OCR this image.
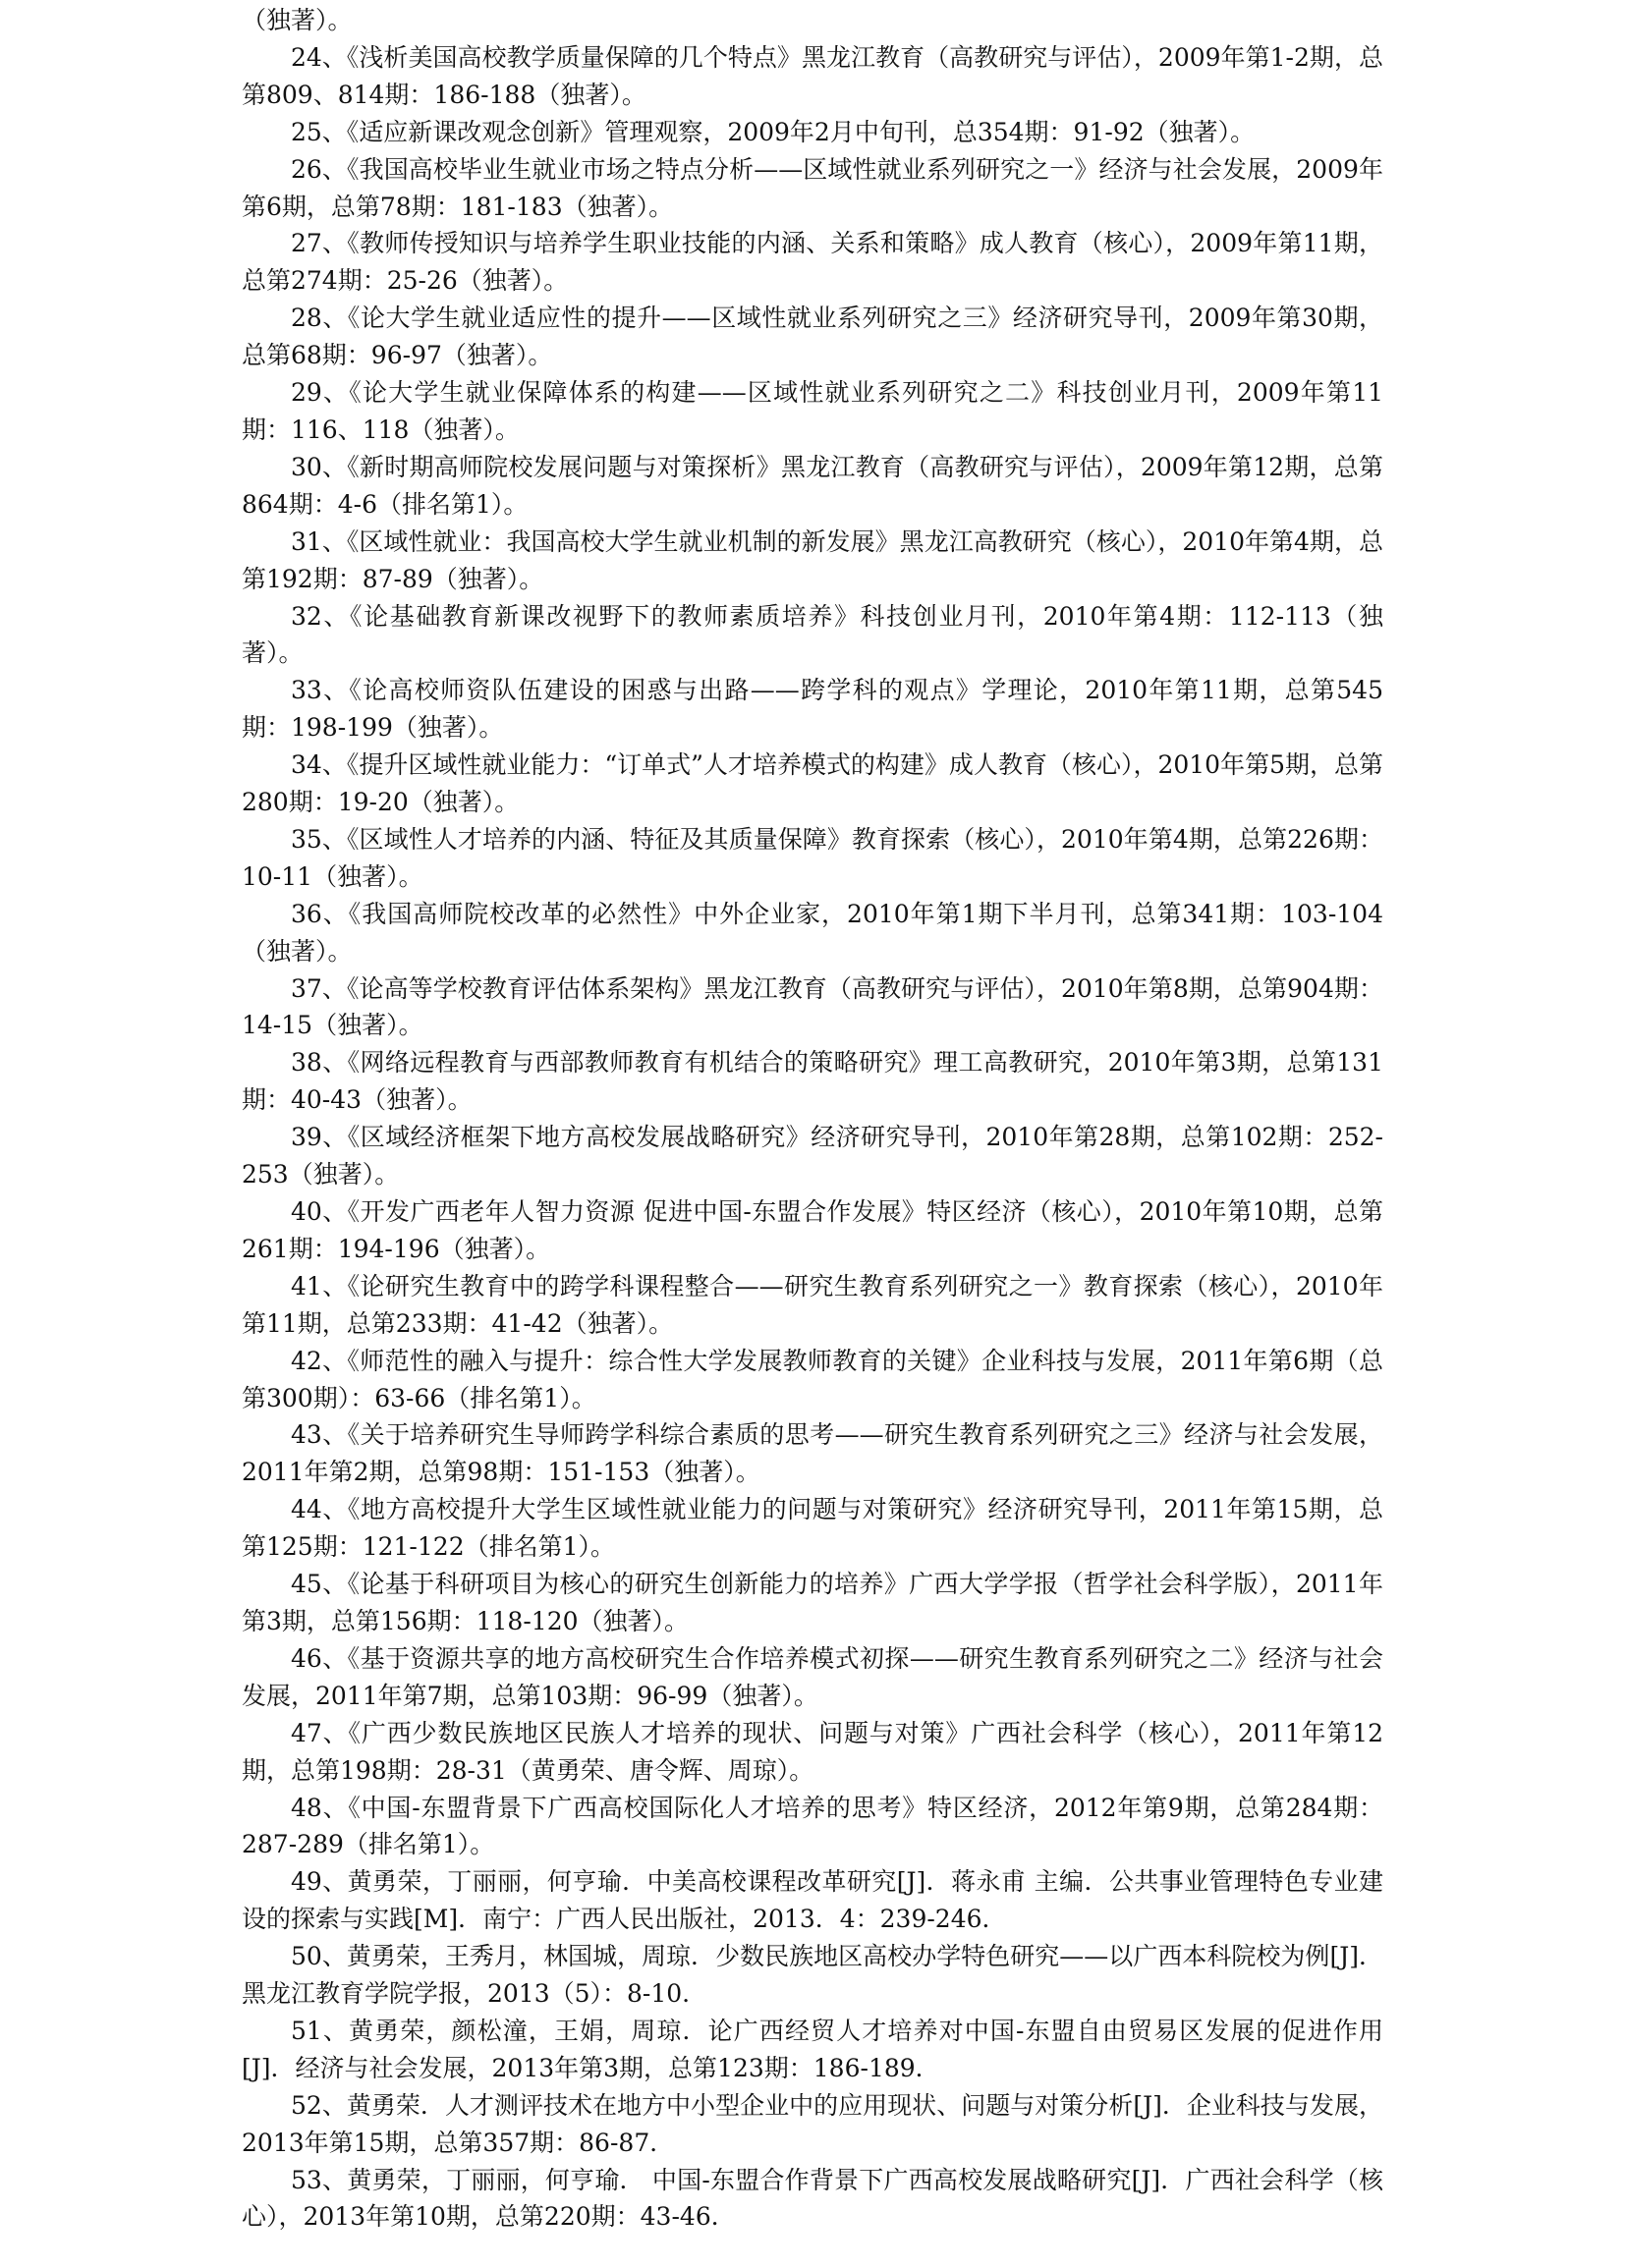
（独著）。

24、《浅析美国高校教学质量保障的几个特点》黑龙江教育（高教研究与评估），2009年第1-2期，总第809、814期：186-188（独著）。

25、《适应新课改观念创新》管理观察，2009年2月中旬刊，总354期：91-92（独著）。

26、《我国高校毕业生就业市场之特点分析——区域性就业系列研究之一》经济与社会发展，2009年第6期，总第78期：181-183（独著）。

27、《教师传授知识与培养学生职业技能的内涵、关系和策略》成人教育（核心），2009年第11期，总第274期：25-26（独著）。

28、《论大学生就业适应性的提升——区域性就业系列研究之三》经济研究导刊，2009年第30期，总第68期：96-97（独著）。

29、《论大学生就业保障体系的构建——区域性就业系列研究之二》科技创业月刊，2009年第11期：116、118（独著）。

30、《新时期高师院校发展问题与对策探析》黑龙江教育（高教研究与评估），2009年第12期，总第864期：4-6（排名第1）。

31、《区域性就业：我国高校大学生就业机制的新发展》黑龙江高教研究（核心），2010年第4期，总第192期：87-89（独著）。

32、《论基础教育新课改视野下的教师素质培养》科技创业月刊，2010年第4期：112-113（独著）。

33、《论高校师资队伍建设的困惑与出路——跨学科的观点》学理论，2010年第11期，总第545期：198-199（独著）。

34、《提升区域性就业能力：“订单式”人才培养模式的构建》成人教育（核心），2010年第5期，总第280期：19-20（独著）。

35、《区域性人才培养的内涵、特征及其质量保障》教育探索（核心），2010年第4期，总第226期：10-11（独著）。

36、《我国高师院校改革的必然性》中外企业家，2010年第1期下半月刊，总第341期：103-104（独著）。

37、《论高等学校教育评估体系架构》黑龙江教育（高教研究与评估），2010年第8期，总第904期：14-15（独著）。

38、《网络远程教育与西部教师教育有机结合的策略研究》理工高教研究，2010年第3期，总第131期：40-43（独著）。

39、《区域经济框架下地方高校发展战略研究》经济研究导刊，2010年第28期，总第102期：252-253（独著）。

40、《开发广西老年人智力资源 促进中国-东盟合作发展》特区经济（核心），2010年第10期，总第261期：194-196（独著）。

41、《论研究生教育中的跨学科课程整合——研究生教育系列研究之一》教育探索（核心），2010年第11期，总第233期：41-42（独著）。

42、《师范性的融入与提升：综合性大学发展教师教育的关键》企业科技与发展，2011年第6期（总第300期）：63-66（排名第1）。

43、《关于培养研究生导师跨学科综合素质的思考——研究生教育系列研究之三》经济与社会发展，2011年第2期，总第98期：151-153（独著）。

44、《地方高校提升大学生区域性就业能力的问题与对策研究》经济研究导刊，2011年第15期，总第125期：121-122（排名第1）。

45、《论基于科研项目为核心的研究生创新能力的培养》广西大学学报（哲学社会科学版），2011年第3期，总第156期：118-120（独著）。

46、《基于资源共享的地方高校研究生合作培养模式初探——研究生教育系列研究之二》经济与社会发展，2011年第7期，总第103期：96-99（独著）。

47、《广西少数民族地区民族人才培养的现状、问题与对策》广西社会科学（核心），2011年第12期，总第198期：28-31（黄勇荣、唐令辉、周琼）。

48、《中国-东盟背景下广西高校国际化人才培养的思考》特区经济，2012年第9期，总第284期：287-289（排名第1）。

49、黄勇荣，丁丽丽，何亨瑜．中美高校课程改革研究[J]．蒋永甫 主编．公共事业管理特色专业建设的探索与实践[M]．南宁：广西人民出版社，2013．4：239-246．

50、黄勇荣，王秀月，林国城，周琼．少数民族地区高校办学特色研究——以广西本科院校为例[J]．黑龙江教育学院学报，2013（5）：8-10．

51、黄勇荣，颜松潼，王娟，周琼．论广西经贸人才培养对中国-东盟自由贸易区发展的促进作用[J]．经济与社会发展，2013年第3期，总第123期：186-189．

52、黄勇荣．人才测评技术在地方中小型企业中的应用现状、问题与对策分析[J]．企业科技与发展，2013年第15期，总第357期：86-87．

53、黄勇荣，丁丽丽，何亨瑜． 中国-东盟合作背景下广西高校发展战略研究[J]．广西社会科学（核心），2013年第10期，总第220期：43-46．
